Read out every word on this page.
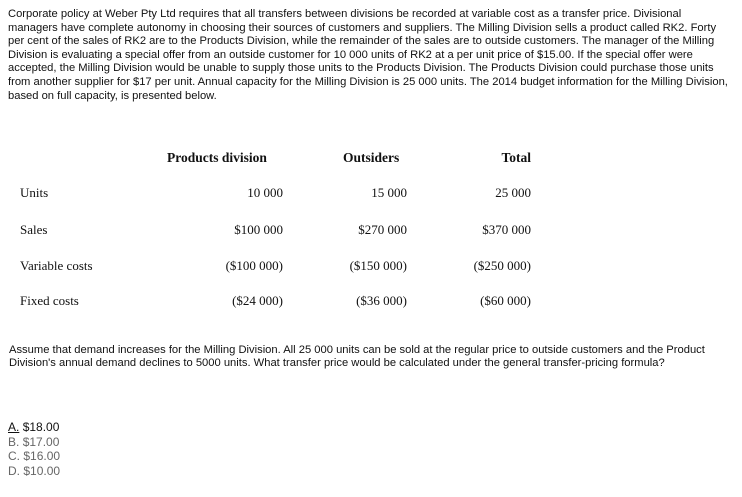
Corporate policy at Weber Pty Ltd requires that all transfers between divisions be recorded at variable cost as a transfer price. Divisional managers have complete autonomy in choosing their sources of customers and suppliers. The Milling Division sells a product called RK2. Forty per cent of the sales of RK2 are to the Products Division, while the remainder of the sales are to outside customers. The manager of the Milling Division is evaluating a special offer from an outside customer for 10 000 units of RK2 at a per unit price of $15.00. If the special offer were accepted, the Milling Division would be unable to supply those units to the Products Division. The Products Division could purchase those units from another supplier for $17 per unit. Annual capacity for the Milling Division is 25 000 units. The 2014 budget information for the Milling Division, based on full capacity, is presented below.

Products division	Outsiders	Total
Units	10 000	15 000	25 000
Sales	$100 000	$270 000	$370 000
Variable costs	($100 000)	($150 000)	($250 000)
Fixed costs	($24 000)	($36 000)	($60 000)

Assume that demand increases for the Milling Division. All 25 000 units can be sold at the regular price to outside customers and the Product Division's annual demand declines to 5000 units. What transfer price would be calculated under the general transfer-pricing formula?

A. $18.00
B. $17.00
C. $16.00
D. $10.00
